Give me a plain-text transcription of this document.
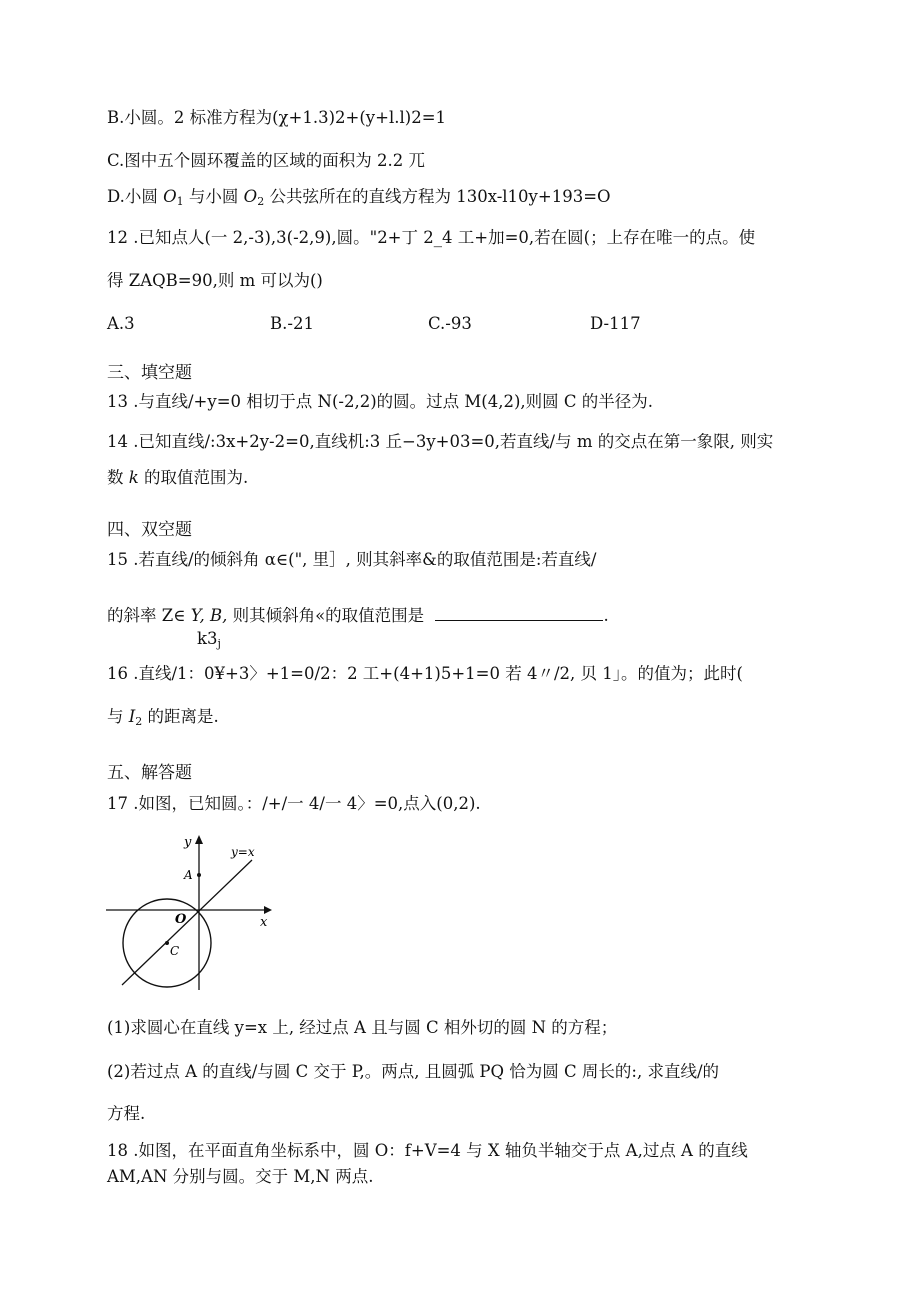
B.小圆。2 标准方程为(χ+1.3)2+(y+l.l)2=1
C.图中五个圆环覆盖的区域的面积为 2.2 兀
D.小圆 $O_1$ 与小圆 $O_2$ 公共弦所在的直线方程为 130x-l10y+193=O
12 .已知点人(一 2,-3),3(-2,9),圆。"2+丁 2_4 工+加=0,若在圆(；上存在唯一的点。使
得 ZAQB=90,则 m 可以为()
A.3	B.-21	C.-93	D-117
三、填空题
13 .与直线/+y=0 相切于点 N(-2,2)的圆。过点 M(4,2),则圆 C 的半径为.
14 .已知直线/:3x+2y-2=0,直线机:3 丘−3y+03=0,若直线/与 m 的交点在第一象限, 则实
数 k 的取值范围为.
四、双空题
15 .若直线/的倾斜角 α∈(", 里］, 则其斜率&的取值范围是:若直线/
的斜率 Z∈ Y, B, 则其倾斜角«的取值范围是	.
$k3_j$
16 .直线/1：0¥+3〉+1=0/2：2 工+(4+1)5+1=0 若 4〃/2, 贝 1」。的值为；此时(
与 $I_2$ 的距离是.
五、解答题
17 .如图，已知圆。：/+/一 4/一 4〉=0,点入(0,2).
y
x
y=x
A
O
C
(1)求圆心在直线 y=x 上, 经过点 A 且与圆 C 相外切的圆 N 的方程；
(2)若过点 A 的直线/与圆 C 交于 P,。两点, 且圆弧 PQ 恰为圆 C 周长的:, 求直线/的
方程.
18 .如图，在平面直角坐标系中，圆 O：f+V=4 与 X 轴负半轴交于点 A,过点 A 的直线
AM,AN 分别与圆。交于 M,N 两点.
